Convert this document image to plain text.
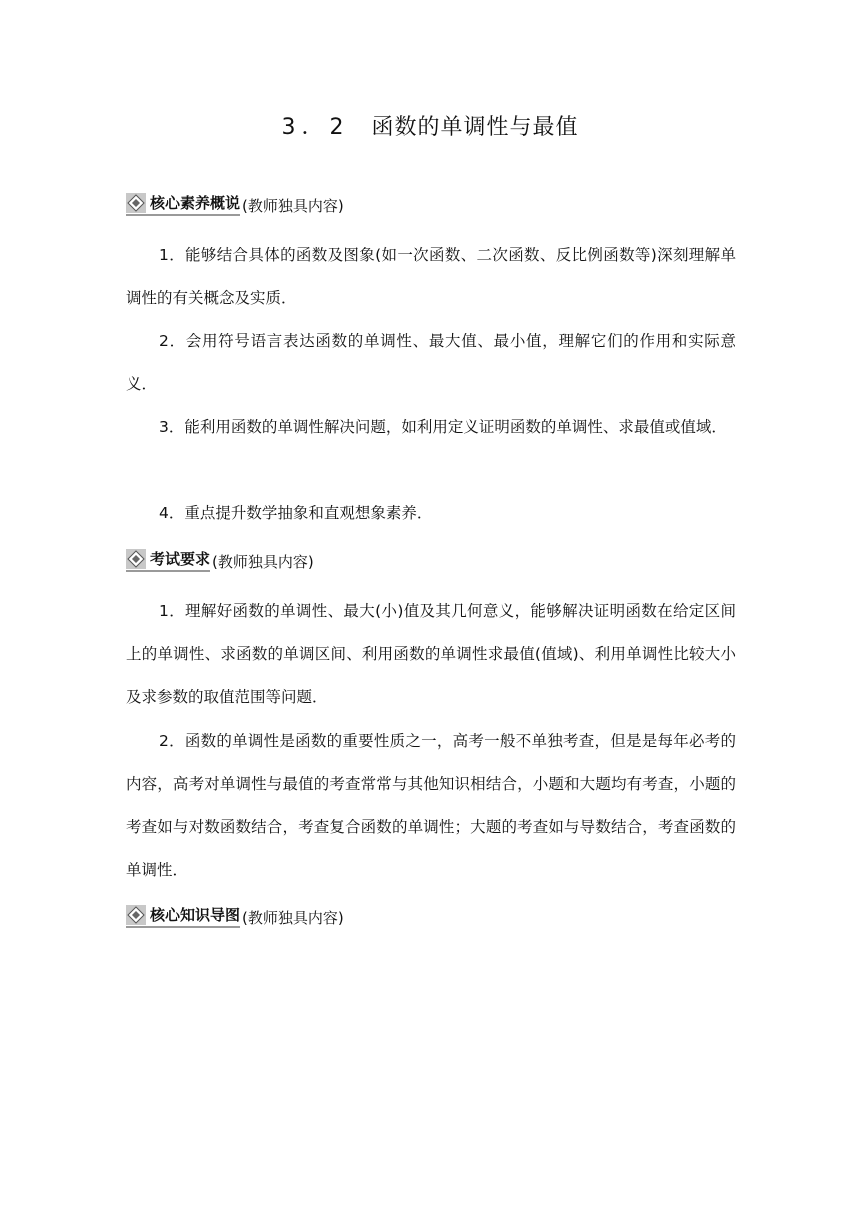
3．2 函数的单调性与最值
核心素养概说 (教师独具内容)
1．能够结合具体的函数及图象(如一次函数、二次函数、反比例函数等)深刻理解单调性的有关概念及实质．
2．会用符号语言表达函数的单调性、最大值、最小值，理解它们的作用和实际意义．
3．能利用函数的单调性解决问题，如利用定义证明函数的单调性、求最值或值域．
4．重点提升数学抽象和直观想象素养．
考试要求 (教师独具内容)
1．理解好函数的单调性、最大(小)值及其几何意义，能够解决证明函数在给定区间上的单调性、求函数的单调区间、利用函数的单调性求最值(值域)、利用单调性比较大小及求参数的取值范围等问题．
2．函数的单调性是函数的重要性质之一，高考一般不单独考查，但是是每年必考的内容，高考对单调性与最值的考查常常与其他知识相结合，小题和大题均有考查，小题的考查如与对数函数结合，考查复合函数的单调性；大题的考查如与导数结合，考查函数的单调性．
核心知识导图 (教师独具内容)
